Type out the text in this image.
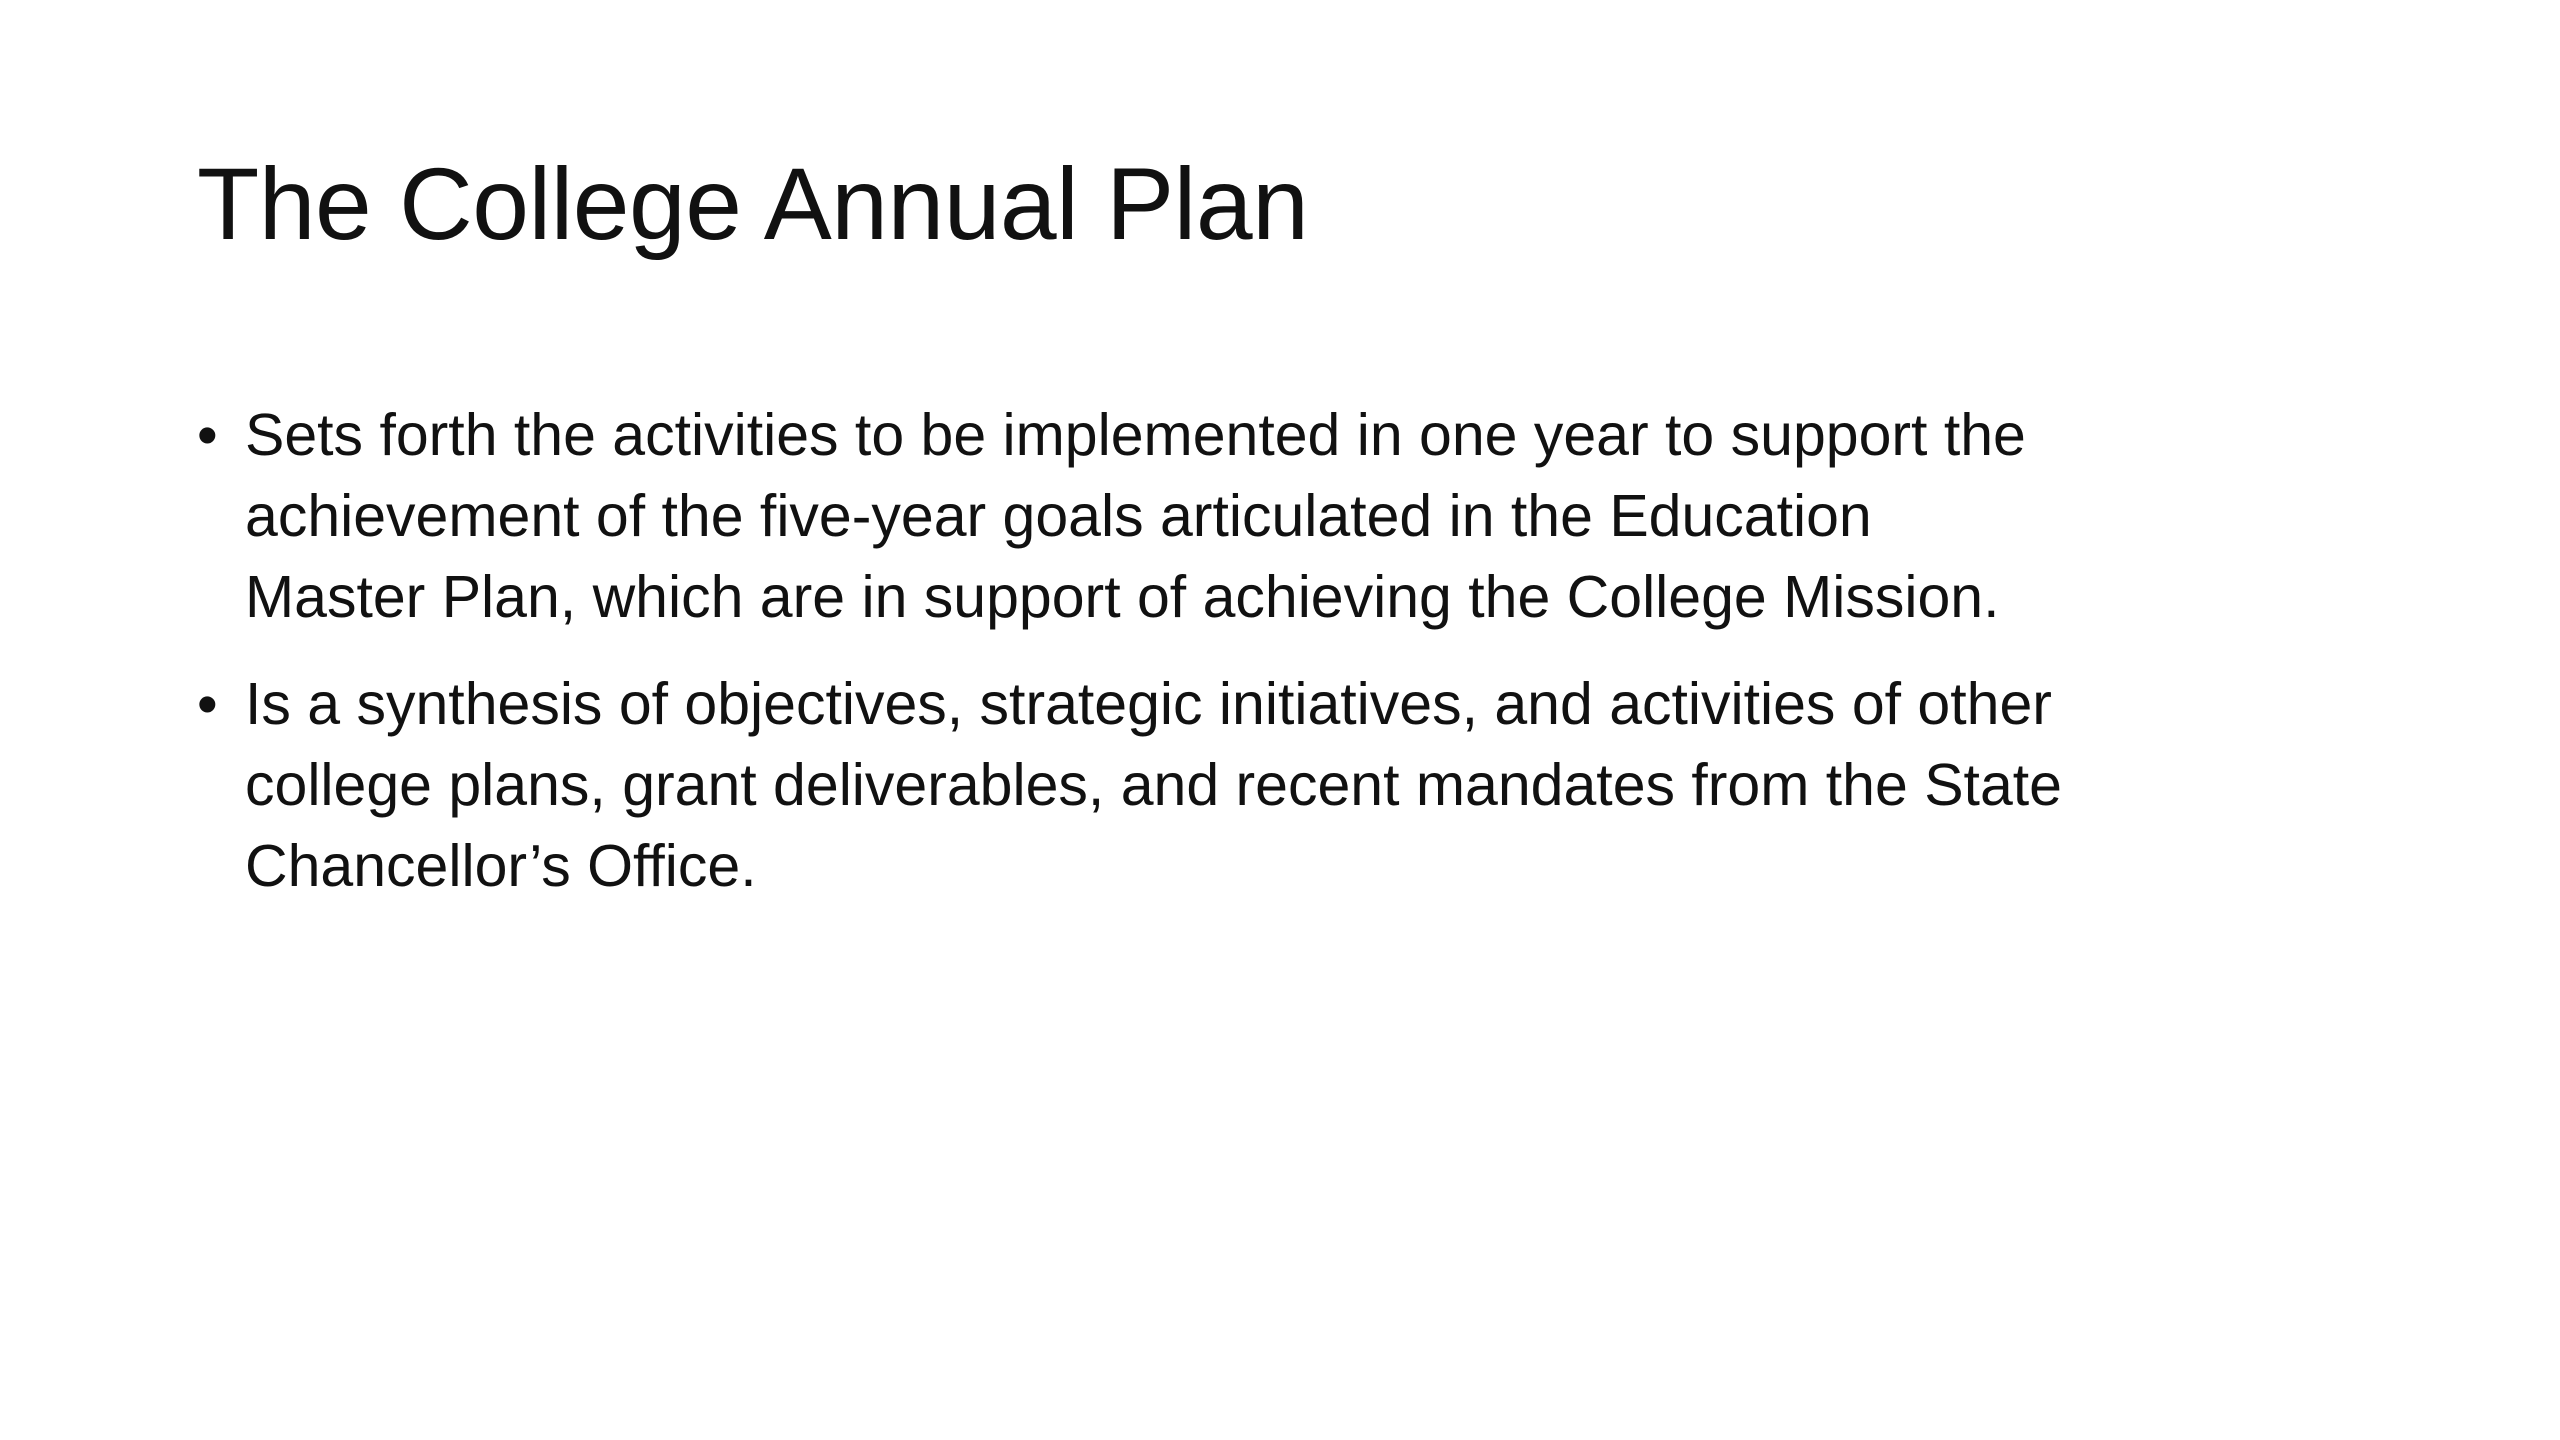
The College Annual Plan
• Sets forth the activities to be implemented in one year to support the
achievement of the five-year goals articulated in the Education
Master Plan, which are in support of achieving the College Mission.
• Is a synthesis of objectives, strategic initiatives, and activities of other
college plans, grant deliverables, and recent mandates from the State
Chancellor’s Office.
